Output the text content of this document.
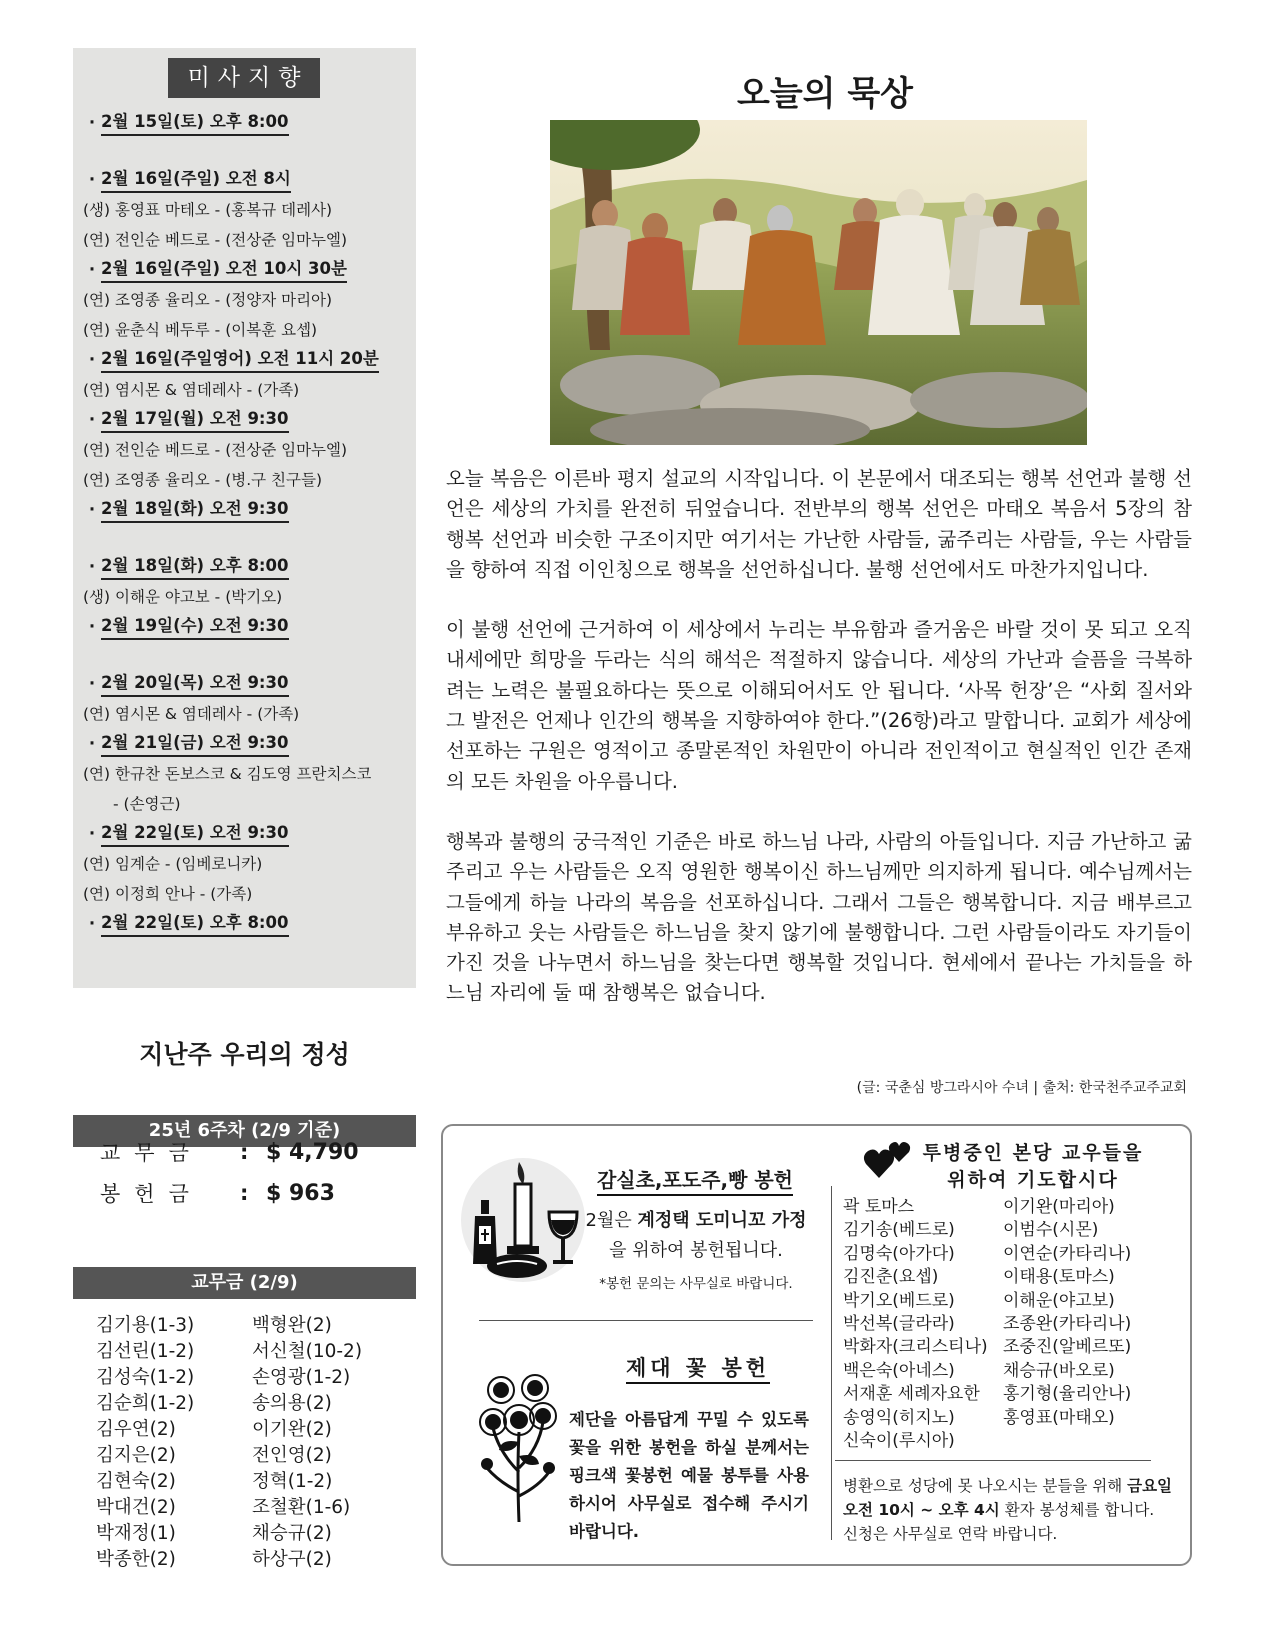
미사지향
· 2월 15일(토) 오후 8:00
· 2월 16일(주일) 오전 8시
(생) 홍영표 마테오 - (홍복규 데레사)
(연) 전인순 베드로 - (전상준 임마누엘)
· 2월 16일(주일) 오전 10시 30분
(연) 조영종 율리오 - (정양자 마리아)
(연) 윤춘식 베두루 - (이복훈 요셉)
· 2월 16일(주일영어) 오전 11시 20분
(연) 염시몬 & 염데레사 - (가족)
· 2월 17일(월) 오전 9:30
(연) 전인순 베드로 - (전상준 임마누엘)
(연) 조영종 율리오 - (병.구 친구들)
· 2월 18일(화) 오전 9:30
· 2월 18일(화) 오후 8:00
(생) 이해운 야고보 - (박기오)
· 2월 19일(수) 오전 9:30
· 2월 20일(목) 오전 9:30
(연) 염시몬 & 염데레사 - (가족)
· 2월 21일(금) 오전 9:30
(연) 한규찬 돈보스코 & 김도영 프란치스코
- (손영근)
· 2월 22일(토) 오전 9:30
(연) 임계순 - (임베로니카)
(연) 이정희 안나 - (가족)
· 2월 22일(토) 오후 8:00
지난주 우리의 정성
25년 6주차 (2/9 기준)
교무금	: $ 4,790
봉헌금	: $ 963
교무금 (2/9)
김기용(1-3)	백형완(2)
김선린(1-2)	서신철(10-2)
김성숙(1-2)	손영광(1-2)
김순희(1-2)	송의용(2)
김우연(2)	이기완(2)
김지은(2)	전인영(2)
김현숙(2)	정혁(1-2)
박대건(2)	조철환(1-6)
박재정(1)	채승규(2)
박종한(2)	하상구(2)
오늘의 묵상

오늘 복음은 이른바 평지 설교의 시작입니다. 이 본문에서 대조되는 행복 선언과 불행 선언은 세상의 가치를 완전히 뒤엎습니다. 전반부의 행복 선언은 마태오 복음서 5장의 참행복 선언과 비슷한 구조이지만 여기서는 가난한 사람들, 굶주리는 사람들, 우는 사람들을 향하여 직접 이인칭으로 행복을 선언하십니다. 불행 선언에서도 마찬가지입니다.

이 불행 선언에 근거하여 이 세상에서 누리는 부유함과 즐거움은 바랄 것이 못 되고 오직 내세에만 희망을 두라는 식의 해석은 적절하지 않습니다. 세상의 가난과 슬픔을 극복하려는 노력은 불필요하다는 뜻으로 이해되어서도 안 됩니다. ‘사목 헌장’은 “사회 질서와 그 발전은 언제나 인간의 행복을 지향하여야 한다.”(26항)라고 말합니다. 교회가 세상에 선포하는 구원은 영적이고 종말론적인 차원만이 아니라 전인적이고 현실적인 인간 존재의 모든 차원을 아우릅니다.

행복과 불행의 궁극적인 기준은 바로 하느님 나라, 사람의 아들입니다. 지금 가난하고 굶주리고 우는 사람들은 오직 영원한 행복이신 하느님께만 의지하게 됩니다. 예수님께서는 그들에게 하늘 나라의 복음을 선포하십니다. 그래서 그들은 행복합니다. 지금 배부르고 부유하고 웃는 사람들은 하느님을 찾지 않기에 불행합니다. 그런 사람들이라도 자기들이 가진 것을 나누면서 하느님을 찾는다면 행복할 것입니다. 현세에서 끝나는 가치들을 하느님 자리에 둘 때 참행복은 없습니다.

(글: 국춘심 방그라시아 수녀 | 출처: 한국천주교주교회
감실초,포도주,빵 봉헌
2월은 계정택 도미니꼬 가정을 위하여 봉헌됩니다.
*봉헌 문의는 사무실로 바랍니다.
제대 꽃 봉헌
제단을 아름답게 꾸밀 수 있도록 꽃을 위한 봉헌을 하실 분께서는 핑크색 꽃봉헌 예물 봉투를 사용하시어 사무실로 접수해 주시기 바랍니다.
투병중인 본당 교우들을
위하여 기도합시다
곽 토마스	이기완(마리아)
김기송(베드로)	이범수(시몬)
김명숙(아가다)	이연순(카타리나)
김진춘(요셉)	이태용(토마스)
박기오(베드로)	이해운(야고보)
박선복(글라라)	조종완(카타리나)
박화자(크리스티나) 조중진(알베르또)
백은숙(아네스)	채승규(바오로)
서재훈 세례자요한	홍기형(율리안나)
송영익(히지노)	홍영표(마태오)
신숙이(루시아)
병환으로 성당에 못 나오시는 분들을 위해 금요일 오전 10시 ~ 오후 4시 환자 봉성체를 합니다. 신청은 사무실로 연락 바랍니다.
